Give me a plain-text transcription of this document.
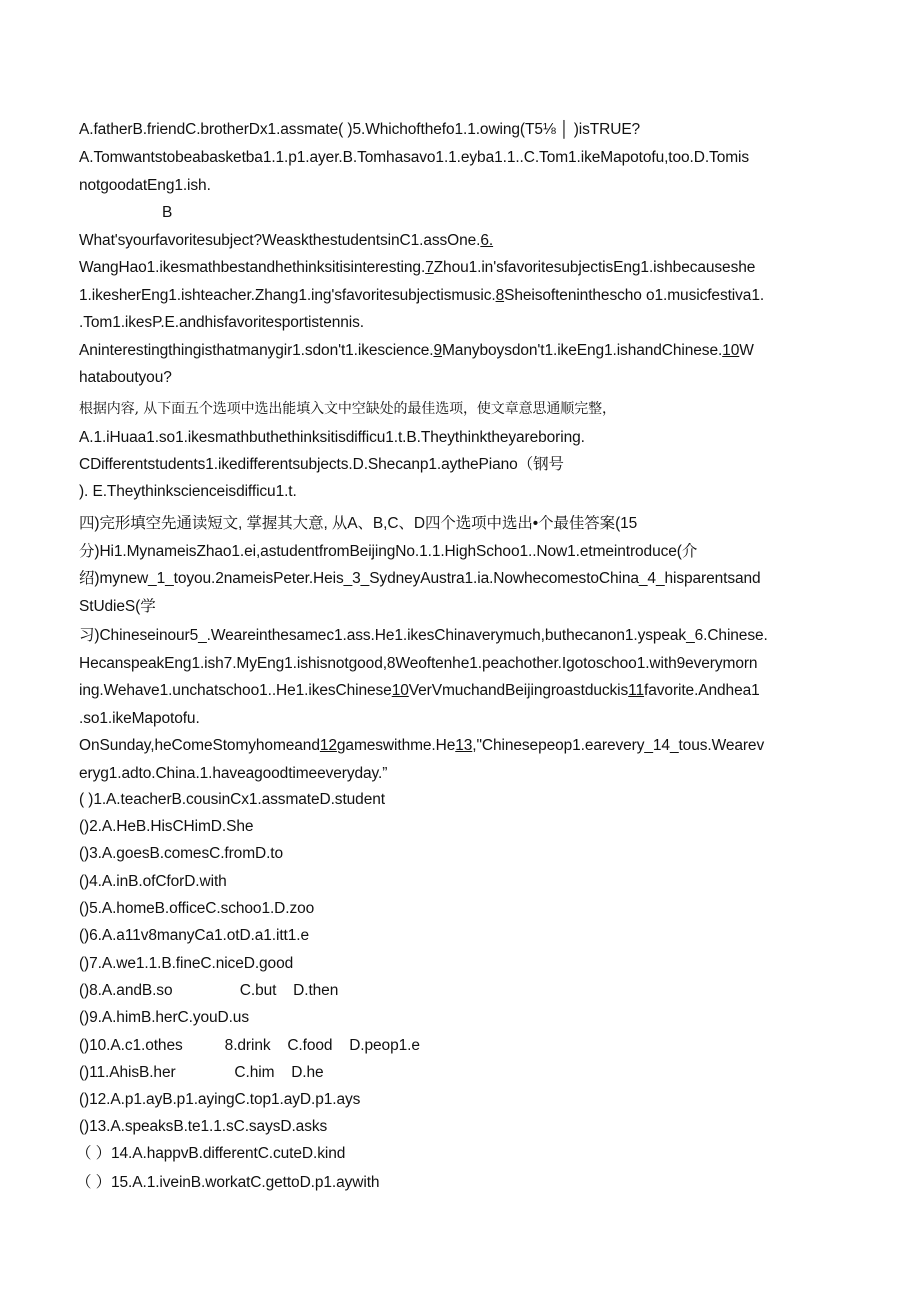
A.fatherB.friendC.brotherDx1.assmate( )5.Whichofthefo1.1.owing(T5⅛ │ )isTRUE?
A.Tomwantstobeabasketba1.1.p1.ayer.B.Tomhasavo1.1.eyba1.1..C.Tom1.ikeMapotofu,too.D.Tomis
notgoodatEng1.ish.
B
What'syourfavoritesubject?WeaskthestudentsinC1.assOne.6.
WangHao1.ikesmathbestandhethinksitisinteresting.7Zhou1.in'sfavoritesubjectisEng1.ishbecauseshe
1.ikesherEng1.ishteacher.Zhang1.ing'sfavoritesubjectismusic.8Sheisofteninthescho o1.musicfestiva1.
.Tom1.ikesP.E.andhisfavoritesportistennis.
Aninterestingthingisthatmanygir1.sdon't1.ikescience.9Manyboysdon't1.ikeEng1.ishandChinese.10W
hataboutyou?
根据内容, 从下面五个选项中选出能填入文中空缺处的最佳选项，使文章意思通顺完整，
A.1.iHuaa1.so1.ikesmathbuthethinksitisdifficu1.t.B.Theythinktheyareboring.
CDifferentstudents1.ikedifferentsubjects.D.Shecanp1.aythePiano（钢号
). E.Theythinkscienceisdifficu1.t.
四)完形填空先通读短文, 掌握其大意, 从A、B,C、D四个选项中选出•个最佳答案(15
分)Hi1.MynameisZhao1.ei,astudentfromBeijingNo.1.1.HighSchoo1..Now1.etmeintroduce(介
绍)mynew_1_toyou.2nameisPeter.Heis_3_SydneyAustra1.ia.NowhecomestoChina_4_hisparentsand
StUdieS(学
习)Chineseinour5_.Weareinthesamec1.ass.He1.ikesChinaverymuch,buthecanon1.yspeak_6.Chinese.
HecanspeakEng1.ish7.MyEng1.ishisnotgood,8Weoftenhe1.peachother.Igotoschoo1.with9everymorn
ing.Wehave1.unchatschoo1..He1.ikesChinese10VerVmuchandBeijingroastduckis11favorite.Andhea1
.so1.ikeMapotofu.
OnSunday,heComeStomyhomeand12gameswithme.He13,"Chinesepeop1.earevery_14_tous.Wearev
eryg1.adto.China.1.haveagoodtimeeveryday.”
( )1.A.teacherB.cousinCx1.assmateD.student
()2.A.HeB.HisCHimD.She
()3.A.goesB.comesC.fromD.to
()4.A.inB.ofCforD.with
()5.A.homeB.officeC.schoo1.D.zoo
()6.A.a11v8manyCa1.otD.a1.itt1.e
()7.A.we1.1.B.fineC.niceD.good
()8.A.andB.so                C.but    D.then
()9.A.himB.herC.youD.us
()10.A.c1.othes          8.drink    C.food    D.peop1.e
()11.AhisB.her              C.him    D.he
()12.A.p1.ayB.p1.ayingC.top1.ayD.p1.ays
()13.A.speaksB.te1.1.sC.saysD.asks
（ ）14.A.happvB.differentC.cuteD.kind
（ ）15.A.1.iveinB.workatC.gettoD.p1.aywith
